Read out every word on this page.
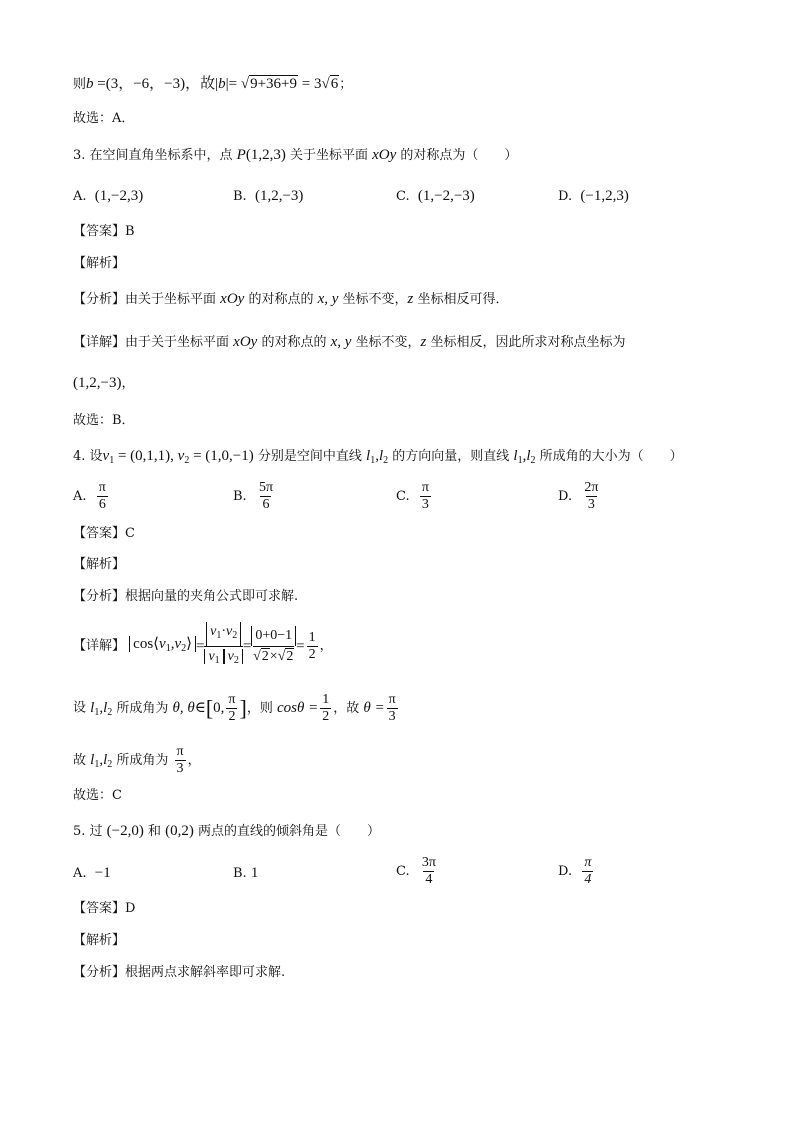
则b =(3，−6，−3)，故|b|= √9+36+9 = 3√6；
故选：A．
3. 在空间直角坐标系中，点 P(1,2,3) 关于坐标平面 xOy 的对称点为（　　）
A. (1,−2,3)	B. (1,2,−3)	C. (1,−2,−3)	D. (−1,2,3)
【答案】B
【解析】
【分析】由关于坐标平面 xOy 的对称点的 x, y 坐标不变，z 坐标相反可得．
【详解】由于关于坐标平面 xOy 的对称点的 x, y 坐标不变，z 坐标相反，因此所求对称点坐标为
(1,2,−3)，
故选：B．
4. 设$v_1 = (0,1,1)$, $v_2 = (1,0,-1)$ 分别是空间中直线 $l_1,l_2$ 的方向向量，则直线 $l_1,l_2$ 所成角的大小为（　　）
A. $\frac{\pi}{6}$	B. $\frac{5\pi}{6}$	C. $\frac{\pi}{3}$	D. $\frac{2\pi}{3}$
【答案】C
【解析】
【分析】根据向量的夹角公式即可求解.
【详解】 $\cos⟨v_1,v_2⟩ = \frac{v_1\cdot v_2}{v_1 v_2} = \frac{0+0-1}{√2\times√2} = \frac{1}{2}$ ，
设 $l_1,l_2$ 所成角为 θ, θ∈[0, $\frac{\pi}{2}$ ]，则 $\cos\theta = \frac{1}{2}$ ，故 $\theta = \frac{\pi}{3}$
故 $l_1,l_2$ 所成角为 $\frac{\pi}{3}$ ，
故选：C
5. 过 (−2,0) 和 (0,2) 两点的直线的倾斜角是（　　）
A. −1	B. 1	C. $\frac{3\pi}{4}$	D. $\frac{\pi}{4}$
【答案】D
【解析】
【分析】根据两点求解斜率即可求解.
